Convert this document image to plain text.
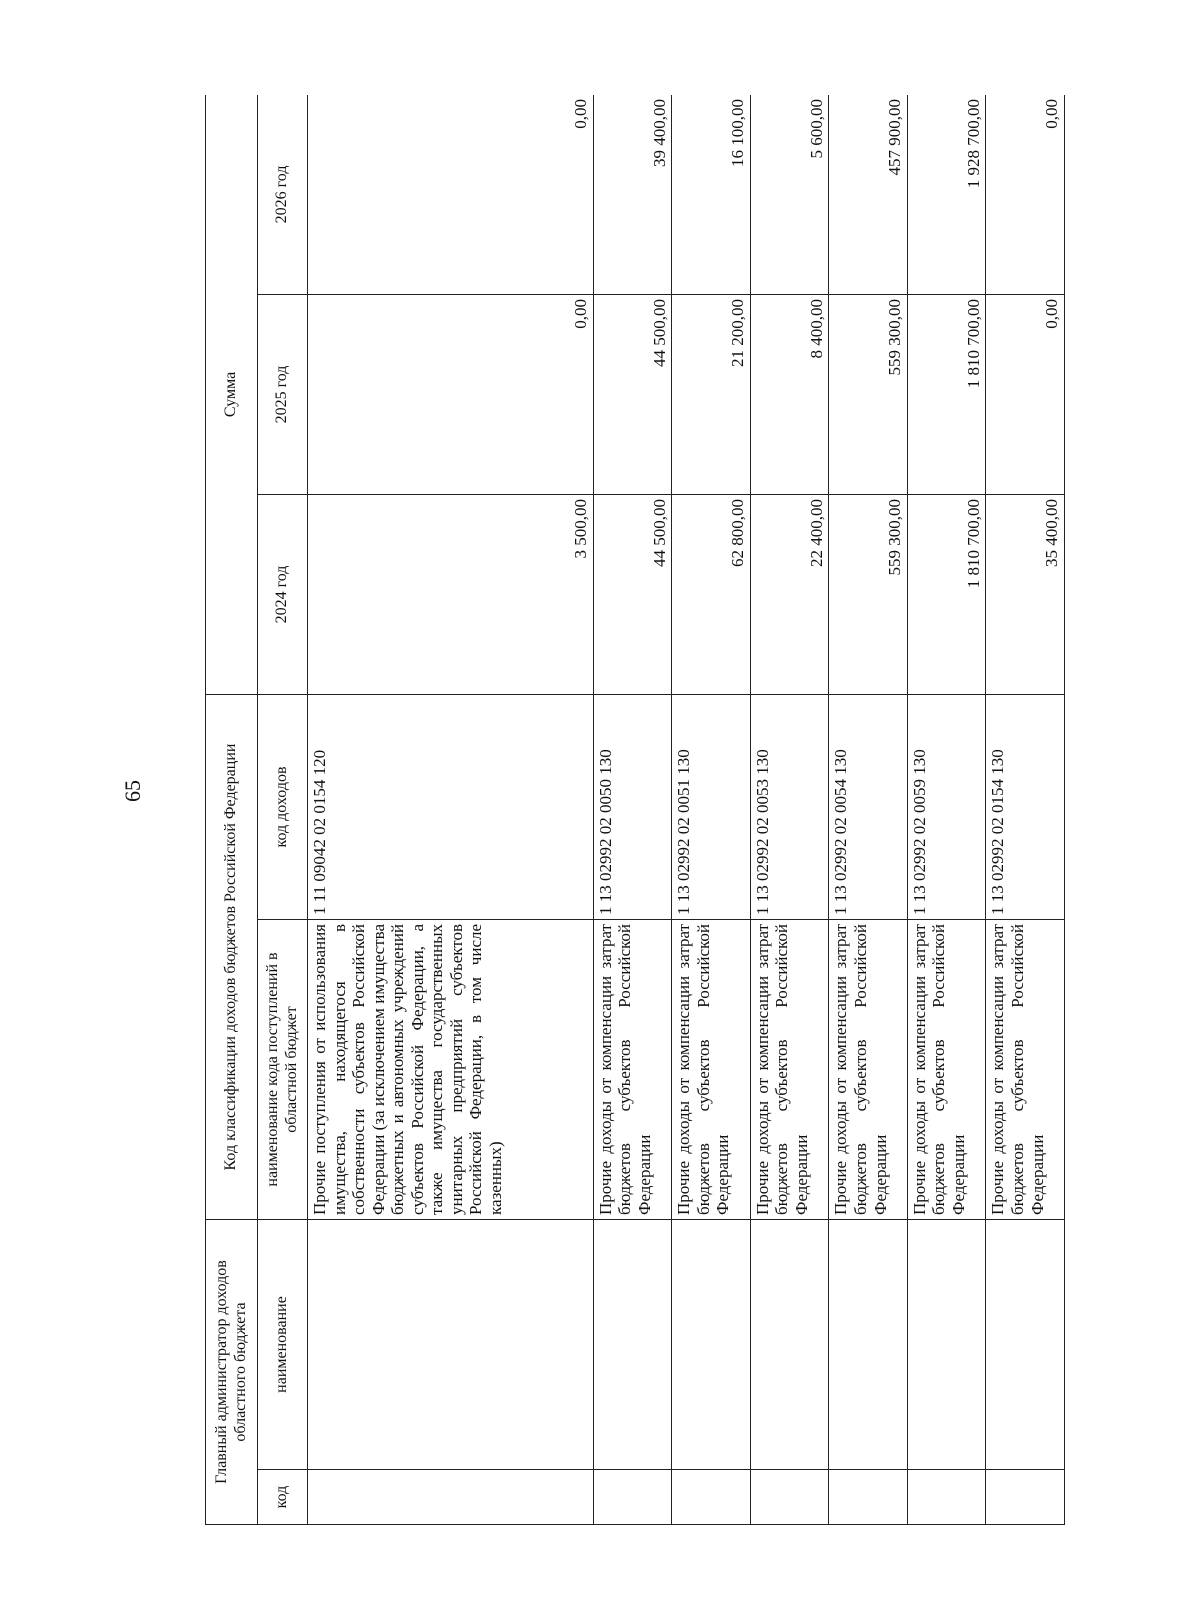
65
Главный администратор доходов областного бюджета		Код классификации доходов бюджетов Российской Федерации		Сумма		
код	наименование	наименование кода поступлений в областной бюджет	код доходов	2024 год	2025 год	2026 год
		Прочие поступления от использования имущества, находящегося в собственности субъектов Российской Федерации (за исключением имущества бюджетных и автономных учреждений субъектов Российской Федерации, а также имущества государственных унитарных предприятий субъектов Российской Федерации, в том числе казенных)	1 11 09042 02 0154 120	3 500,00	0,00	0,00
		Прочие доходы от компенсации затрат бюджетов субъектов Российской Федерации	1 13 02992 02 0050 130	44 500,00	44 500,00	39 400,00
		Прочие доходы от компенсации затрат бюджетов субъектов Российской Федерации	1 13 02992 02 0051 130	62 800,00	21 200,00	16 100,00
		Прочие доходы от компенсации затрат бюджетов субъектов Российской Федерации	1 13 02992 02 0053 130	22 400,00	8 400,00	5 600,00
		Прочие доходы от компенсации затрат бюджетов субъектов Российской Федерации	1 13 02992 02 0054 130	559 300,00	559 300,00	457 900,00
		Прочие доходы от компенсации затрат бюджетов субъектов Российской Федерации	1 13 02992 02 0059 130	1 810 700,00	1 810 700,00	1 928 700,00
		Прочие доходы от компенсации затрат бюджетов субъектов Российской Федерации	1 13 02992 02 0154 130	35 400,00	0,00	0,00
